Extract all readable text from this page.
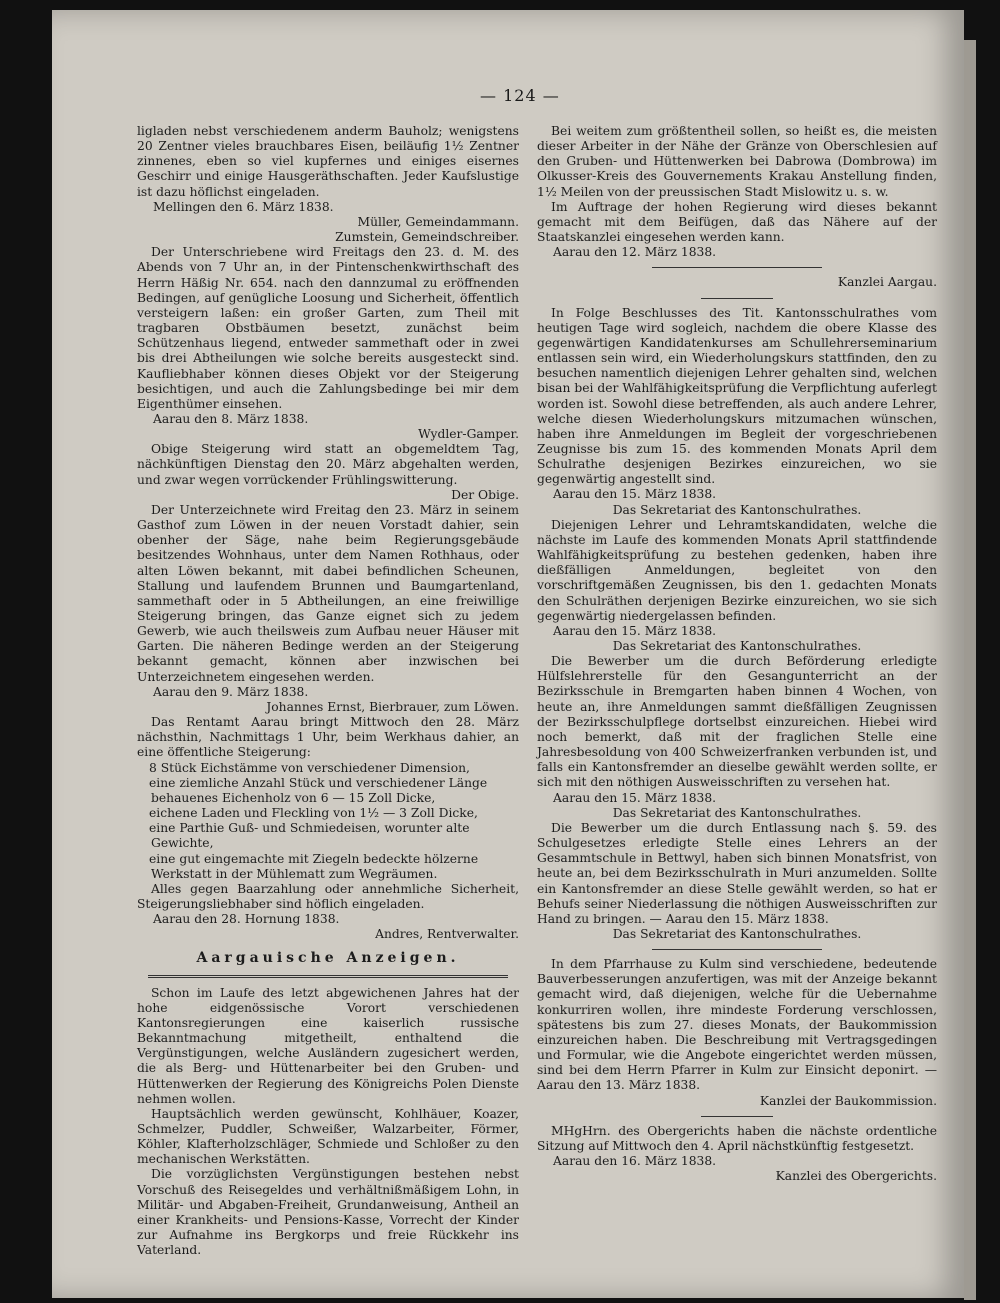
— 124 —

ligladen nebst verschiedenem anderm Bauholz; wenigstens 20 Zentner vieles brauchbares Eisen, beiläufig 1½ Zentner zinnenes, eben so viel kupfernes und einiges eisernes Geschirr und einige Hausgeräthschaften. Jeder Kaufslustige ist dazu höflichst eingeladen.

Mellingen den 6. März 1838.

Müller, Gemeindammann.

Zumstein, Gemeindschreiber.

Der Unterschriebene wird Freitags den 23. d. M. des Abends von 7 Uhr an, in der Pintenschenkwirthschaft des Herrn Häßig Nr. 654. nach den dannzumal zu eröffnenden Bedingen, auf genügliche Loosung und Sicherheit, öffentlich versteigern laßen: ein großer Garten, zum Theil mit tragbaren Obstbäumen besetzt, zunächst beim Schützenhaus liegend, entweder sammethaft oder in zwei bis drei Abtheilungen wie solche bereits ausgesteckt sind. Kaufliebhaber können dieses Objekt vor der Steigerung besichtigen, und auch die Zahlungsbedinge bei mir dem Eigenthümer einsehen.

Aarau den 8. März 1838.

Wydler-Gamper.

Obige Steigerung wird statt an obgemeldtem Tag, nächkünftigen Dienstag den 20. März abgehalten werden, und zwar wegen vorrückender Frühlingswitterung.

Der Obige.

Der Unterzeichnete wird Freitag den 23. März in seinem Gasthof zum Löwen in der neuen Vorstadt dahier, sein obenher der Säge, nahe beim Regierungsgebäude besitzendes Wohnhaus, unter dem Namen Rothhaus, oder alten Löwen bekannt, mit dabei befindlichen Scheunen, Stallung und laufendem Brunnen und Baumgartenland, sammethaft oder in 5 Abtheilungen, an eine freiwillige Steigerung bringen, das Ganze eignet sich zu jedem Gewerb, wie auch theilsweis zum Aufbau neuer Häuser mit Garten. Die näheren Bedinge werden an der Steigerung bekannt gemacht, können aber inzwischen bei Unterzeichnetem eingesehen werden.

Aarau den 9. März 1838.

Johannes Ernst, Bierbrauer, zum Löwen.

Das Rentamt Aarau bringt Mittwoch den 28. März nächsthin, Nachmittags 1 Uhr, beim Werkhaus dahier, an eine öffentliche Steigerung:

8 Stück Eichstämme von verschiedener Dimension,

eine ziemliche Anzahl Stück und verschiedener Länge behauenes Eichenholz von 6 — 15 Zoll Dicke,

eichene Laden und Fleckling von 1½ — 3 Zoll Dicke,

eine Parthie Guß- und Schmiedeisen, worunter alte Gewichte,

eine gut eingemachte mit Ziegeln bedeckte hölzerne Werkstatt in der Mühlematt zum Wegräumen.

Alles gegen Baarzahlung oder annehmliche Sicherheit, Steigerungsliebhaber sind höflich eingeladen.

Aarau den 28. Hornung 1838.

Andres, Rentverwalter.

Aargauische Anzeigen.

Schon im Laufe des letzt abgewichenen Jahres hat der hohe eidgenössische Vorort verschiedenen Kantonsregierungen eine kaiserlich russische Bekanntmachung mitgetheilt, enthaltend die Vergünstigungen, welche Ausländern zugesichert werden, die als Berg- und Hüttenarbeiter bei den Gruben- und Hüttenwerken der Regierung des Königreichs Polen Dienste nehmen wollen.

Hauptsächlich werden gewünscht, Kohlhäuer, Koazer, Schmelzer, Puddler, Schweißer, Walzarbeiter, Förmer, Köhler, Klafterholzschläger, Schmiede und Schloßer zu den mechanischen Werkstätten.

Die vorzüglichsten Vergünstigungen bestehen nebst Vorschuß des Reisegeldes und verhältnißmäßigem Lohn, in Militär- und Abgaben-Freiheit, Grundanweisung, Antheil an einer Krankheits- und Pensions-Kasse, Vorrecht der Kinder zur Aufnahme ins Bergkorps und freie Rückkehr ins Vaterland.

Bei weitem zum größtentheil sollen, so heißt es, die meisten dieser Arbeiter in der Nähe der Gränze von Oberschlesien auf den Gruben- und Hüttenwerken bei Dabrowa (Dombrowa) im Olkusser-Kreis des Gouvernements Krakau Anstellung finden, 1½ Meilen von der preussischen Stadt Mislowitz u. s. w.

Im Auftrage der hohen Regierung wird dieses bekannt gemacht mit dem Beifügen, daß das Nähere auf der Staatskanzlei eingesehen werden kann.

Aarau den 12. März 1838.

Kanzlei Aargau.

In Folge Beschlusses des Tit. Kantonsschulrathes vom heutigen Tage wird sogleich, nachdem die obere Klasse des gegenwärtigen Kandidatenkurses am Schullehrerseminarium entlassen sein wird, ein Wiederholungskurs stattfinden, den zu besuchen namentlich diejenigen Lehrer gehalten sind, welchen bisan bei der Wahlfähigkeitsprüfung die Verpflichtung auferlegt worden ist. Sowohl diese betreffenden, als auch andere Lehrer, welche diesen Wiederholungskurs mitzumachen wünschen, haben ihre Anmeldungen im Begleit der vorgeschriebenen Zeugnisse bis zum 15. des kommenden Monats April dem Schulrathe desjenigen Bezirkes einzureichen, wo sie gegenwärtig angestellt sind.

Aarau den 15. März 1838.

Das Sekretariat des Kantonschulrathes.

Diejenigen Lehrer und Lehramtskandidaten, welche die nächste im Laufe des kommenden Monats April stattfindende Wahlfähigkeitsprüfung zu bestehen gedenken, haben ihre dießfälligen Anmeldungen, begleitet von den vorschriftgemäßen Zeugnissen, bis den 1. gedachten Monats den Schulräthen derjenigen Bezirke einzureichen, wo sie sich gegenwärtig niedergelassen befinden.

Aarau den 15. März 1838.

Das Sekretariat des Kantonschulrathes.

Die Bewerber um die durch Beförderung erledigte Hülfslehrerstelle für den Gesangunterricht an der Bezirksschule in Bremgarten haben binnen 4 Wochen, von heute an, ihre Anmeldungen sammt dießfälligen Zeugnissen der Bezirksschulpflege dortselbst einzureichen. Hiebei wird noch bemerkt, daß mit der fraglichen Stelle eine Jahresbesoldung von 400 Schweizerfranken verbunden ist, und falls ein Kantonsfremder an dieselbe gewählt werden sollte, er sich mit den nöthigen Ausweisschriften zu versehen hat.

Aarau den 15. März 1838.

Das Sekretariat des Kantonschulrathes.

Die Bewerber um die durch Entlassung nach §. 59. des Schulgesetzes erledigte Stelle eines Lehrers an der Gesammtschule in Bettwyl, haben sich binnen Monatsfrist, von heute an, bei dem Bezirksschulrath in Muri anzumelden. Sollte ein Kantonsfremder an diese Stelle gewählt werden, so hat er Behufs seiner Niederlassung die nöthigen Ausweisschriften zur Hand zu bringen. — Aarau den 15. März 1838.

Das Sekretariat des Kantonschulrathes.

In dem Pfarrhause zu Kulm sind verschiedene, bedeutende Bauverbesserungen anzufertigen, was mit der Anzeige bekannt gemacht wird, daß diejenigen, welche für die Uebernahme konkurriren wollen, ihre mindeste Forderung verschlossen, spätestens bis zum 27. dieses Monats, der Baukommission einzureichen haben. Die Beschreibung mit Vertragsgedingen und Formular, wie die Angebote eingerichtet werden müssen, sind bei dem Herrn Pfarrer in Kulm zur Einsicht deponirt. — Aarau den 13. März 1838.

Kanzlei der Baukommission.

MHgHrn. des Obergerichts haben die nächste ordentliche Sitzung auf Mittwoch den 4. April nächstkünftig festgesetzt.

Aarau den 16. März 1838.

Kanzlei des Obergerichts.
